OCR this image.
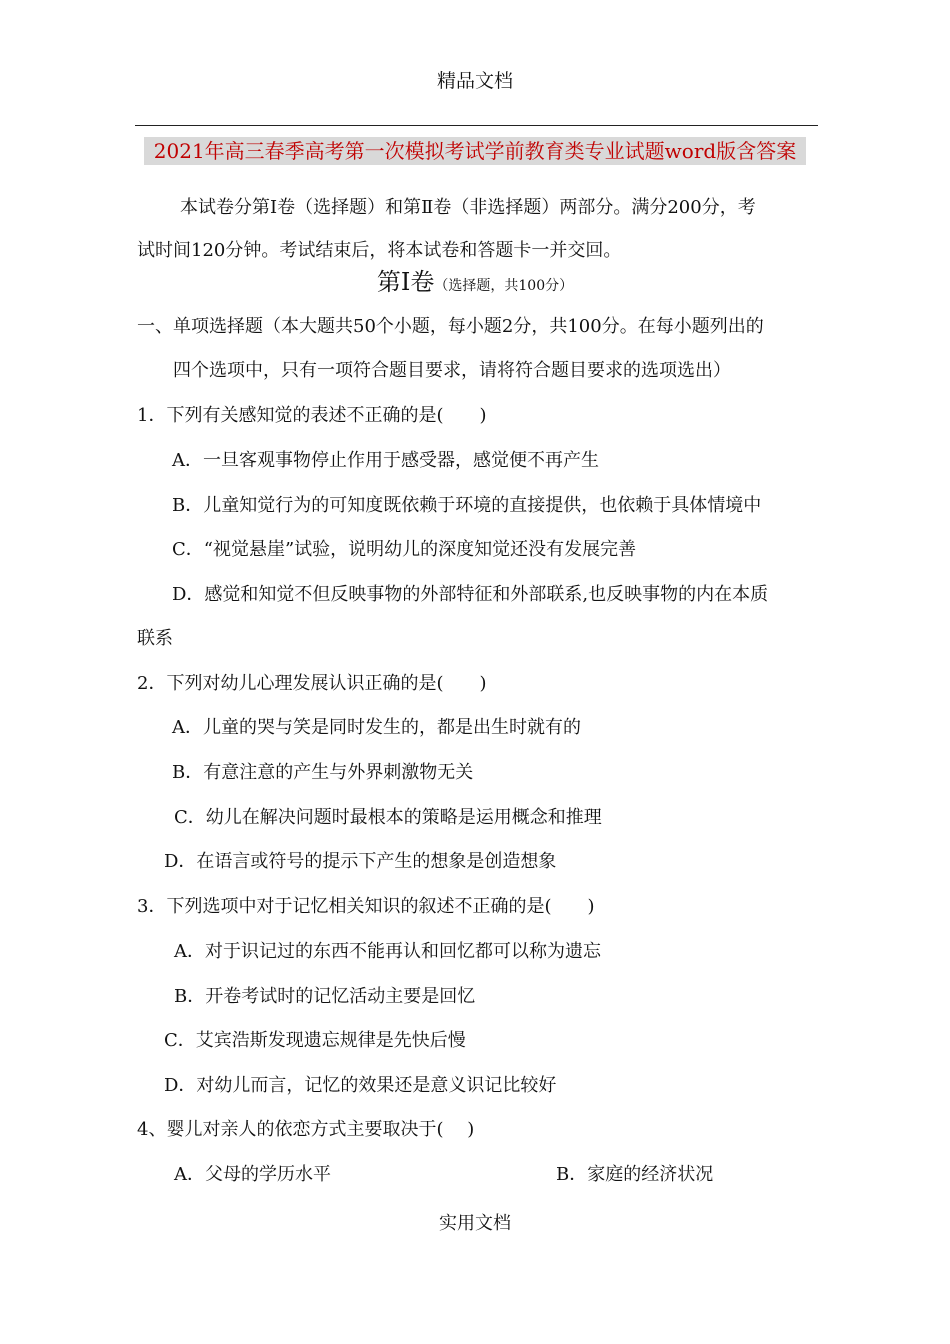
精品文档
2021年高三春季高考第一次模拟考试学前教育类专业试题word版含答案
本试卷分第Ⅰ卷（选择题）和第Ⅱ卷（非选择题）两部分。满分200分，考
试时间120分钟。考试结束后，将本试卷和答题卡一并交回。
第Ⅰ卷（选择题，共100分）
一、单项选择题（本大题共50个小题，每小题2分，共100分。在每小题列出的
四个选项中，只有一项符合题目要求，请将符合题目要求的选项选出）
1．下列有关感知觉的表述不正确的是(　　)
A．一旦客观事物停止作用于感受器，感觉便不再产生
B．儿童知觉行为的可知度既依赖于环境的直接提供，也依赖于具体情境中
C．“视觉悬崖”试验，说明幼儿的深度知觉还没有发展完善
D．感觉和知觉不但反映事物的外部特征和外部联系,也反映事物的内在本质
联系
2．下列对幼儿心理发展认识正确的是(　　)
A．儿童的哭与笑是同时发生的，都是出生时就有的
B．有意注意的产生与外界刺激物无关
C．幼儿在解决问题时最根本的策略是运用概念和推理
D．在语言或符号的提示下产生的想象是创造想象
3．下列选项中对于记忆相关知识的叙述不正确的是(　　)
A．对于识记过的东西不能再认和回忆都可以称为遗忘
B．开卷考试时的记忆活动主要是回忆
C．艾宾浩斯发现遗忘规律是先快后慢
D．对幼儿而言，记忆的效果还是意义识记比较好
4、婴儿对亲人的依恋方式主要取决于(　 )
A．父母的学历水平	B．家庭的经济状况
实用文档
